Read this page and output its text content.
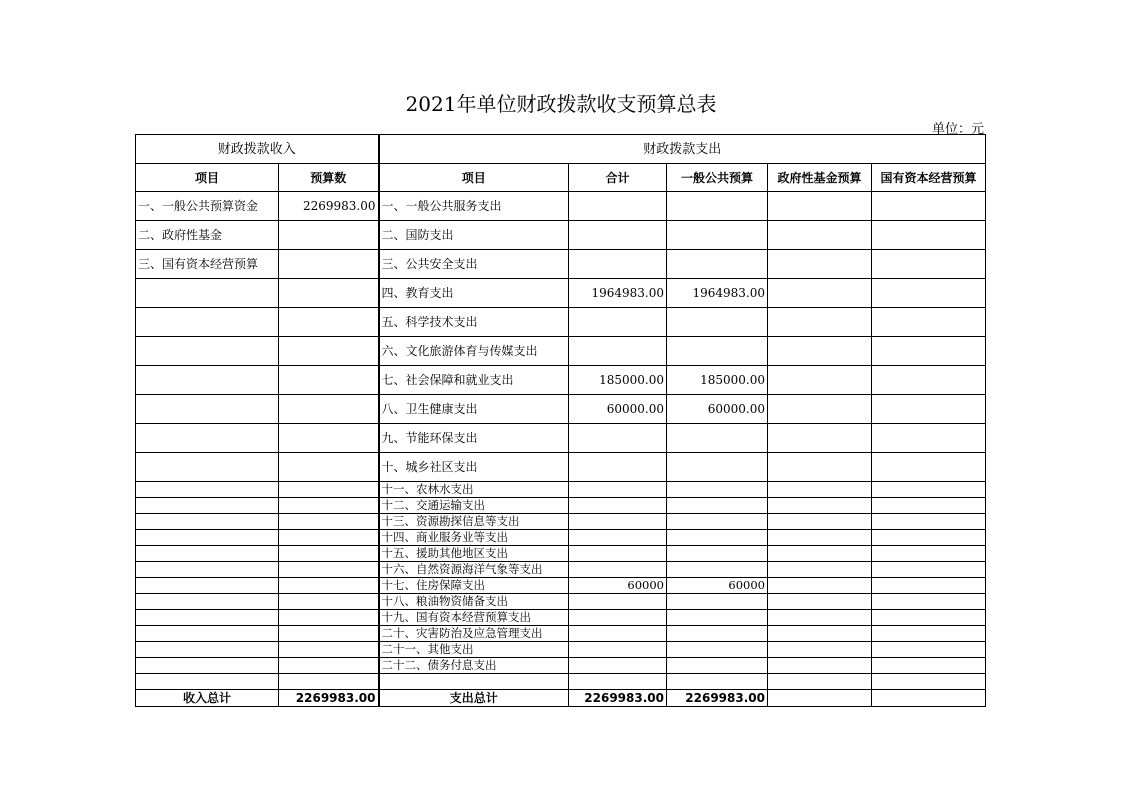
2021年单位财政拨款收支预算总表
单位：元
财政拨款收入		财政拨款支出				
项目	预算数	项目	合计	一般公共预算	政府性基金预算	国有资本经营预算
一、一般公共预算资金	2269983.00	一、一般公共服务支出				
二、政府性基金		二、国防支出				
三、国有资本经营预算		三、公共安全支出				
		四、教育支出	1964983.00	1964983.00		
		五、科学技术支出				
		六、文化旅游体育与传媒支出				
		七、社会保障和就业支出	185000.00	185000.00		
		八、卫生健康支出	60000.00	60000.00		
		九、节能环保支出				
		十、城乡社区支出				
		十一、农林水支出				
		十二、交通运输支出				
		十三、资源勘探信息等支出				
		十四、商业服务业等支出				
		十五、援助其他地区支出				
		十六、自然资源海洋气象等支出				
		十七、住房保障支出	60000	60000		
		十八、粮油物资储备支出				
		十九、国有资本经营预算支出				
		二十、灾害防治及应急管理支出				
		二十一、其他支出				
		二十二、债务付息支出				

收入总计	2269983.00	支出总计	2269983.00	2269983.00		
